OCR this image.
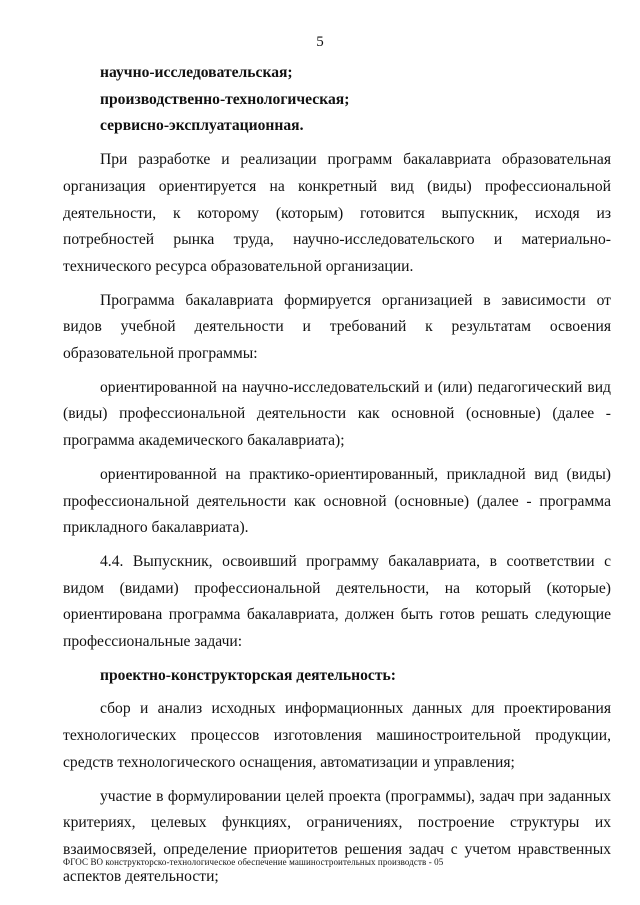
5

научно-исследовательская;

производственно-технологическая;

сервисно-эксплуатационная.

При разработке и реализации программ бакалавриата образовательная организация ориентируется на конкретный вид (виды) профессиональной деятельности, к которому (которым) готовится выпускник, исходя из потребностей рынка труда, научно-исследовательского и материально-технического ресурса образовательной организации.

Программа бакалавриата формируется организацией в зависимости от видов учебной деятельности и требований к результатам освоения образовательной программы:

ориентированной на научно-исследовательский и (или) педагогический вид (виды) профессиональной деятельности как основной (основные) (далее - программа академического бакалавриата);

ориентированной на практико-ориентированный, прикладной вид (виды) профессиональной деятельности как основной (основные) (далее - программа прикладного бакалавриата).

4.4. Выпускник, освоивший программу бакалавриата, в соответствии с видом (видами) профессиональной деятельности, на который (которые) ориентирована программа бакалавриата, должен быть готов решать следующие профессиональные задачи:

проектно-конструкторская деятельность:

сбор и анализ исходных информационных данных для проектирования технологических процессов изготовления машиностроительной продукции, средств технологического оснащения, автоматизации и управления;

участие в формулировании целей проекта (программы), задач при заданных критериях, целевых функциях, ограничениях, построение структуры их взаимосвязей, определение приоритетов решения задач с учетом нравственных аспектов деятельности;

ФГОС ВО конструкторско-технологическое обеспечение машиностроительных производств - 05
